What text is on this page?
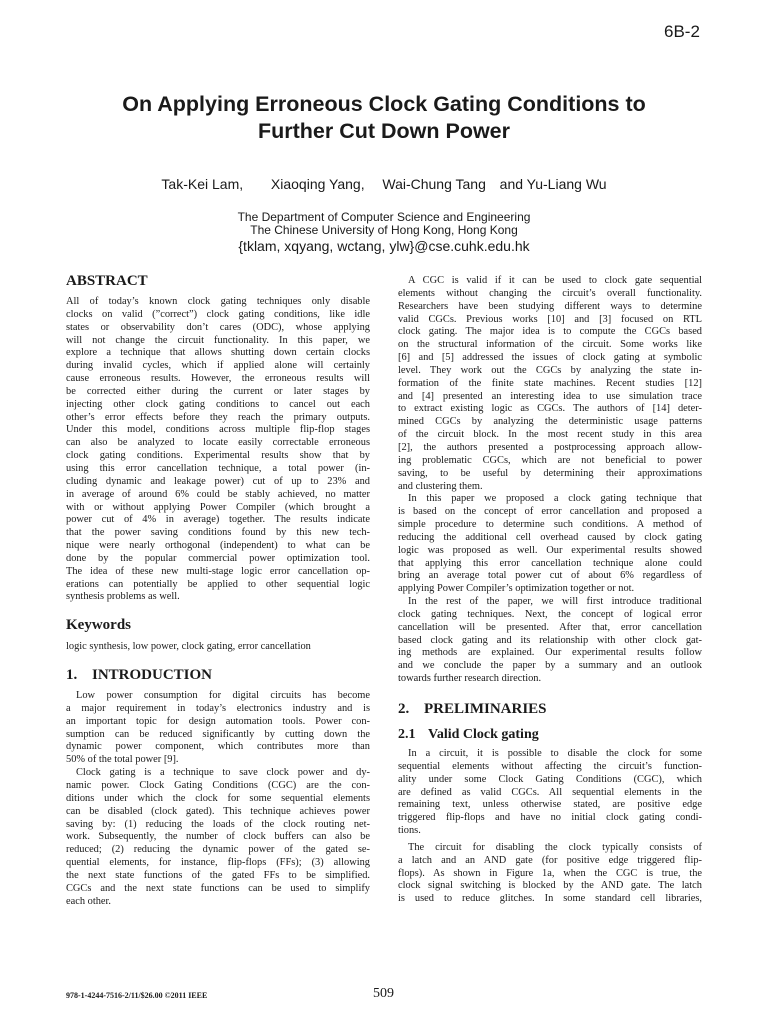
6B-2
On Applying Erroneous Clock Gating Conditions to
Further Cut Down Power
Tak-Kei Lam, Xiaoqing Yang, Wai-Chung Tang and Yu-Liang Wu
The Department of Computer Science and Engineering
The Chinese University of Hong Kong, Hong Kong
{tklam, xqyang, wctang, ylw}@cse.cuhk.edu.hk
ABSTRACT
All of today’s known clock gating techniques only disable
clocks on valid (”correct”) clock gating conditions, like idle
states or observability don’t cares (ODC), whose applying
will not change the circuit functionality. In this paper, we
explore a technique that allows shutting down certain clocks
during invalid cycles, which if applied alone will certainly
cause erroneous results. However, the erroneous results will
be corrected either during the current or later stages by
injecting other clock gating conditions to cancel out each
other’s error effects before they reach the primary outputs.
Under this model, conditions across multiple flip-flop stages
can also be analyzed to locate easily correctable erroneous
clock gating conditions. Experimental results show that by
using this error cancellation technique, a total power (in-
cluding dynamic and leakage power) cut of up to 23% and
in average of around 6% could be stably achieved, no matter
with or without applying Power Compiler (which brought a
power cut of 4% in average) together. The results indicate
that the power saving conditions found by this new tech-
nique were nearly orthogonal (independent) to what can be
done by the popular commercial power optimization tool.
The idea of these new multi-stage logic error cancellation op-
erations can potentially be applied to other sequential logic
synthesis problems as well.
Keywords
logic synthesis, low power, clock gating, error cancellation
1. INTRODUCTION
Low power consumption for digital circuits has become
a major requirement in today’s electronics industry and is
an important topic for design automation tools. Power con-
sumption can be reduced significantly by cutting down the
dynamic power component, which contributes more than
50% of the total power [9].
Clock gating is a technique to save clock power and dy-
namic power. Clock Gating Conditions (CGC) are the con-
ditions under which the clock for some sequential elements
can be disabled (clock gated). This technique achieves power
saving by: (1) reducing the loads of the clock routing net-
work. Subsequently, the number of clock buffers can also be
reduced; (2) reducing the dynamic power of the gated se-
quential elements, for instance, flip-flops (FFs); (3) allowing
the next state functions of the gated FFs to be simplified.
CGCs and the next state functions can be used to simplify
each other.
A CGC is valid if it can be used to clock gate sequential
elements without changing the circuit’s overall functionality.
Researchers have been studying different ways to determine
valid CGCs. Previous works [10] and [3] focused on RTL
clock gating. The major idea is to compute the CGCs based
on the structural information of the circuit. Some works like
[6] and [5] addressed the issues of clock gating at symbolic
level. They work out the CGCs by analyzing the state in-
formation of the finite state machines. Recent studies [12]
and [4] presented an interesting idea to use simulation trace
to extract existing logic as CGCs. The authors of [14] deter-
mined CGCs by analyzing the deterministic usage patterns
of the circuit block. In the most recent study in this area
[2], the authors presented a postprocessing approach allow-
ing problematic CGCs, which are not beneficial to power
saving, to be useful by determining their approximations
and clustering them.
In this paper we proposed a clock gating technique that
is based on the concept of error cancellation and proposed a
simple procedure to determine such conditions. A method of
reducing the additional cell overhead caused by clock gating
logic was proposed as well. Our experimental results showed
that applying this error cancellation technique alone could
bring an average total power cut of about 6% regardless of
applying Power Compiler’s optimization together or not.
In the rest of the paper, we will first introduce traditional
clock gating techniques. Next, the concept of logical error
cancellation will be presented. After that, error cancellation
based clock gating and its relationship with other clock gat-
ing methods are explained. Our experimental results follow
and we conclude the paper by a summary and an outlook
towards further research direction.
2. PRELIMINARIES
2.1 Valid Clock gating
In a circuit, it is possible to disable the clock for some
sequential elements without affecting the circuit’s function-
ality under some Clock Gating Conditions (CGC), which
are defined as valid CGCs. All sequential elements in the
remaining text, unless otherwise stated, are positive edge
triggered flip-flops and have no initial clock gating condi-
tions.
The circuit for disabling the clock typically consists of
a latch and an AND gate (for positive edge triggered flip-
flops). As shown in Figure 1a, when the CGC is true, the
clock signal switching is blocked by the AND gate. The latch
is used to reduce glitches. In some standard cell libraries,
978-1-4244-7516-2/11/$26.00 ©2011 IEEE	509
